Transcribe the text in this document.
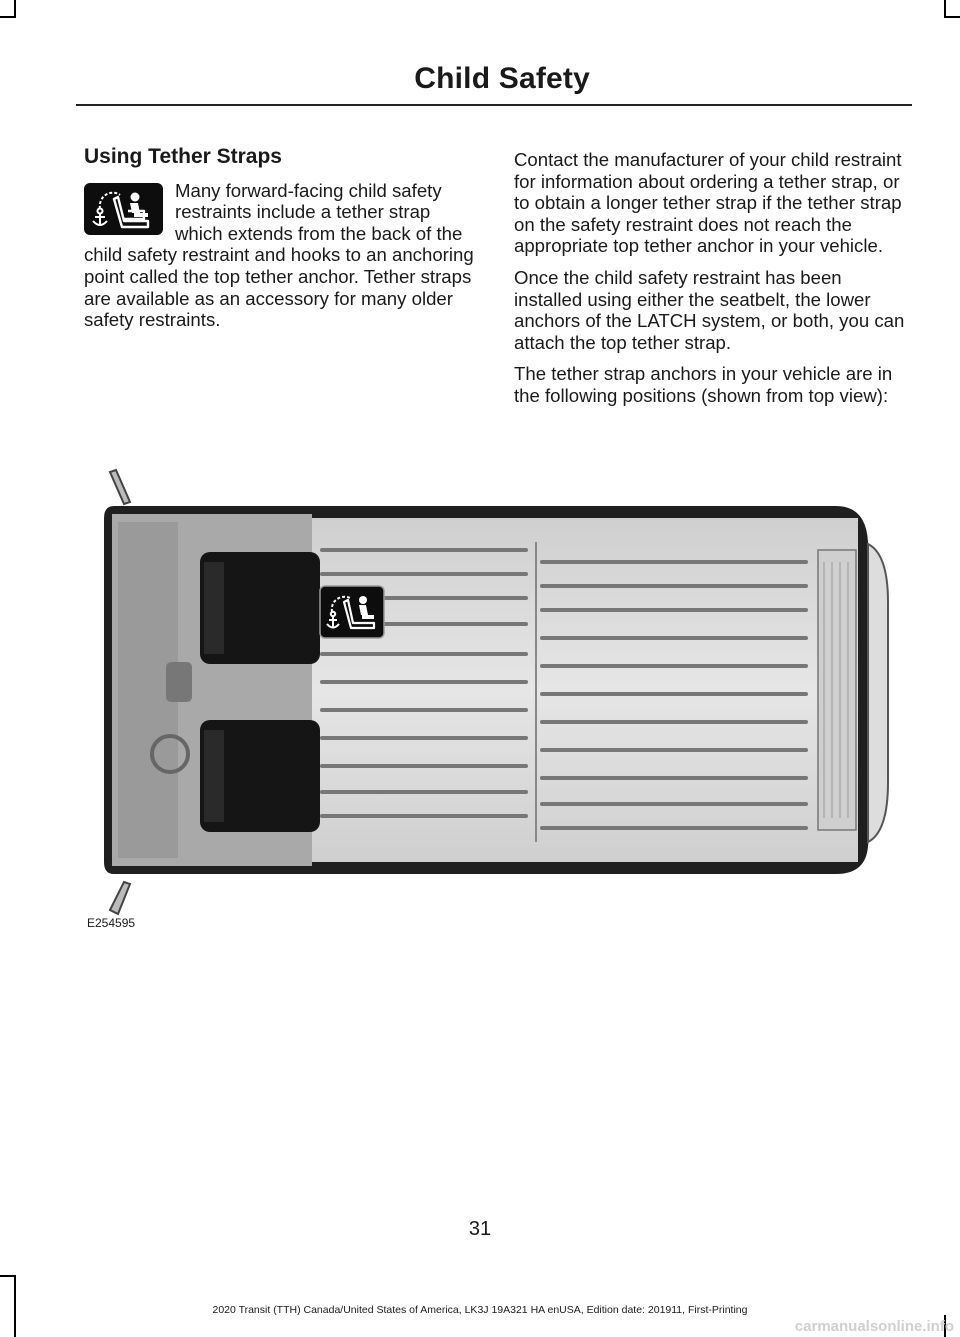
Child Safety
Using Tether Straps
Many forward-facing child safety restraints include a tether strap which extends from the back of the child safety restraint and hooks to an anchoring point called the top tether anchor. Tether straps are available as an accessory for many older safety restraints.

Contact the manufacturer of your child restraint for information about ordering a tether strap, or to obtain a longer tether strap if the tether strap on the safety restraint does not reach the appropriate top tether anchor in your vehicle.

Once the child safety restraint has been installed using either the seatbelt, the lower anchors of the LATCH system, or both, you can attach the top tether strap.

The tether strap anchors in your vehicle are in the following positions (shown from top view):

E254595
31
2020 Transit (TTH) Canada/United States of America, LK3J 19A321 HA enUSA, Edition date: 201911, First-Printing
carmanualsonline.info
